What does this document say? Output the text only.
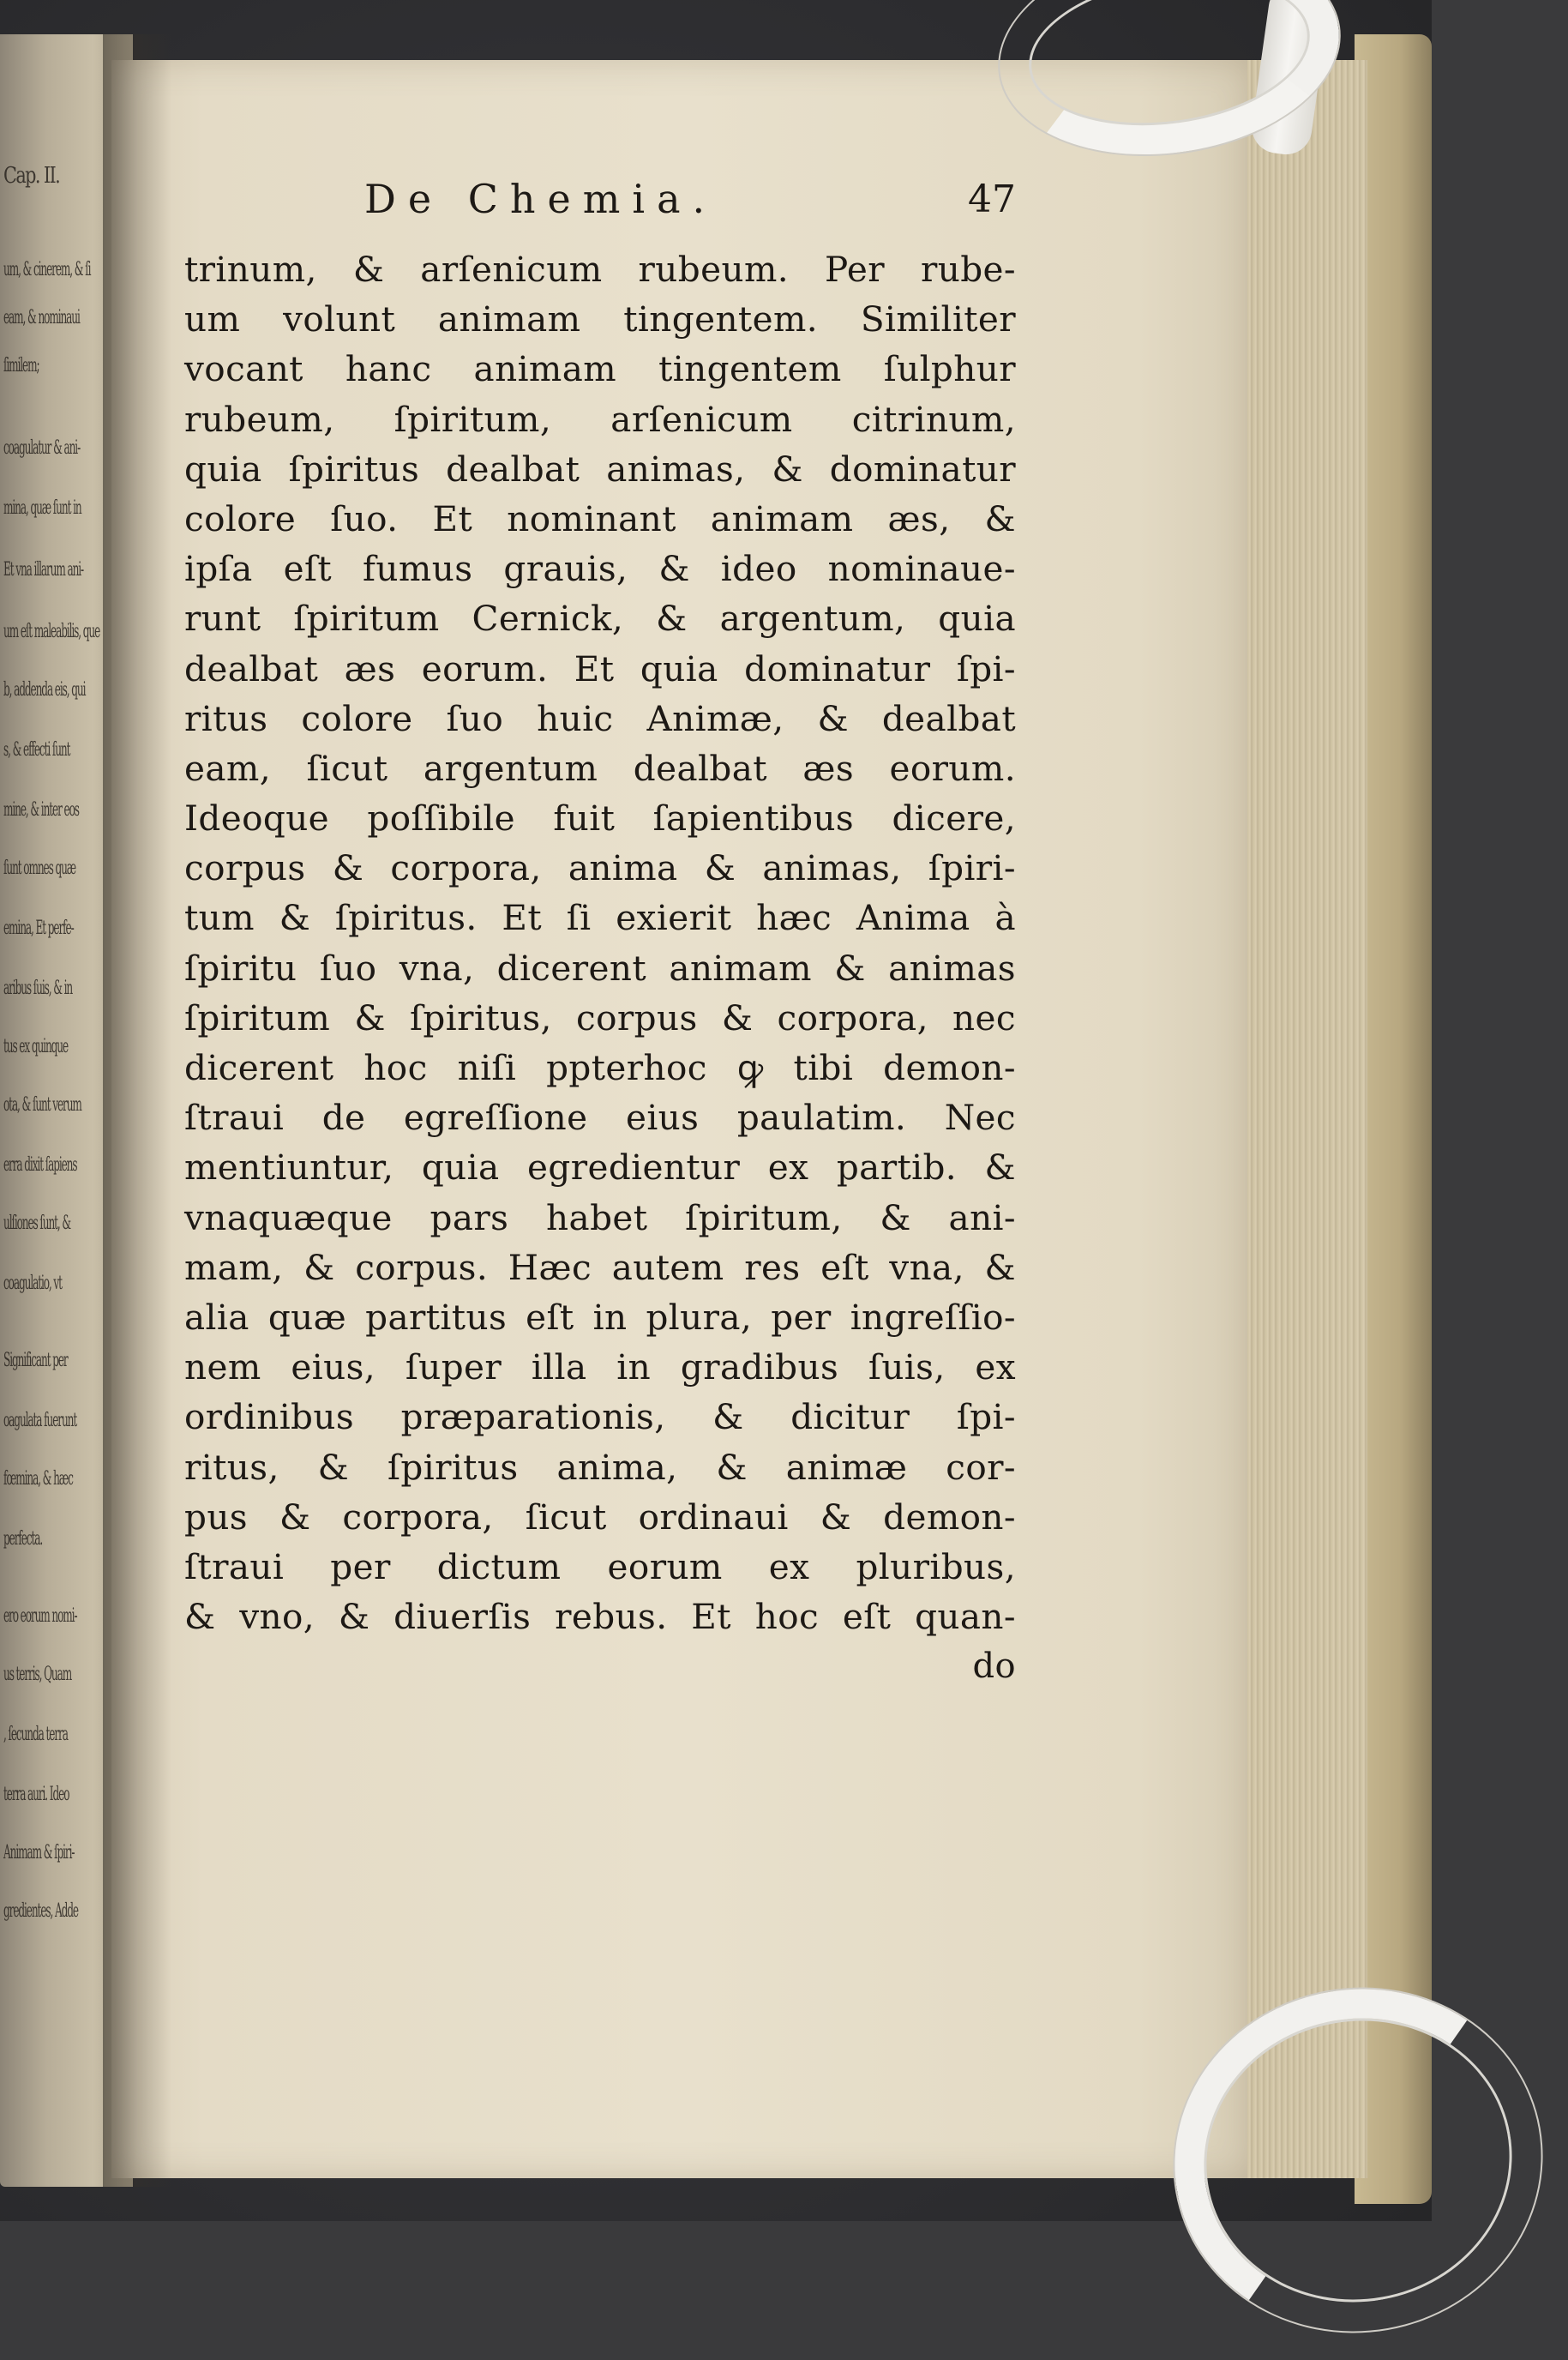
Cap. II.
um, & cinerem, & ſi
eam, & nominaui
ſimilem;
coagulatur & ani-
mina, quæ ſunt in
Et vna illarum ani-
um eſt maleabilis, que
b, addenda eis, qui
s, & effecti ſunt
mine, & inter eos
ſunt omnes quæ
emina, Et perfe-
aribus ſuis, & in
tus ex quinque
ota, & ſunt verum
erra dixit ſapiens
ulſiones ſunt, &
coagulatio, vt
Significant per
oagulata fuerunt
fœmina, & hæc
perfecta.
ero eorum nomi-
us terris, Quam
, ſecunda terra
terra auri. Ideo
Animam & ſpiri-
gredientes, Adde
De Chemia.	47
trinum, & arſenicum rubeum. Per rube-
um volunt animam tingentem. Similiter
vocant hanc animam tingentem ſulphur
rubeum, ſpiritum, arſenicum citrinum,
quia ſpiritus dealbat animas, & dominatur
colore ſuo. Et nominant animam æs, &
ipſa eſt fumus grauis, & ideo nominaue-
runt ſpiritum Cernick, & argentum, quia
dealbat æs eorum. Et quia dominatur ſpi-
ritus colore ſuo huic Animæ, & dealbat
eam, ſicut argentum dealbat æs eorum.
Ideoque poſſibile fuit ſapientibus dicere,
corpus & corpora, anima & animas, ſpiri-
tum & ſpiritus. Et ſi exierit hæc Anima à
ſpiritu ſuo vna, dicerent animam & animas
ſpiritum & ſpiritus, corpus & corpora, nec
dicerent hoc niſi ppterhoc ꝙ tibi demon-
ſtraui de egreſſione eius paulatim. Nec
mentiuntur, quia egredientur ex partib. &
vnaquæque pars habet ſpiritum, & ani-
mam, & corpus. Hæc autem res eſt vna, &
alia quæ partitus eſt in plura, per ingreſſio-
nem eius, ſuper illa in gradibus ſuis, ex
ordinibus præparationis, & dicitur ſpi-
ritus, & ſpiritus anima, & animæ cor-
pus & corpora, ſicut ordinaui & demon-
ſtraui per dictum eorum ex pluribus,
& vno, & diuerſis rebus. Et hoc eſt quan-
do
